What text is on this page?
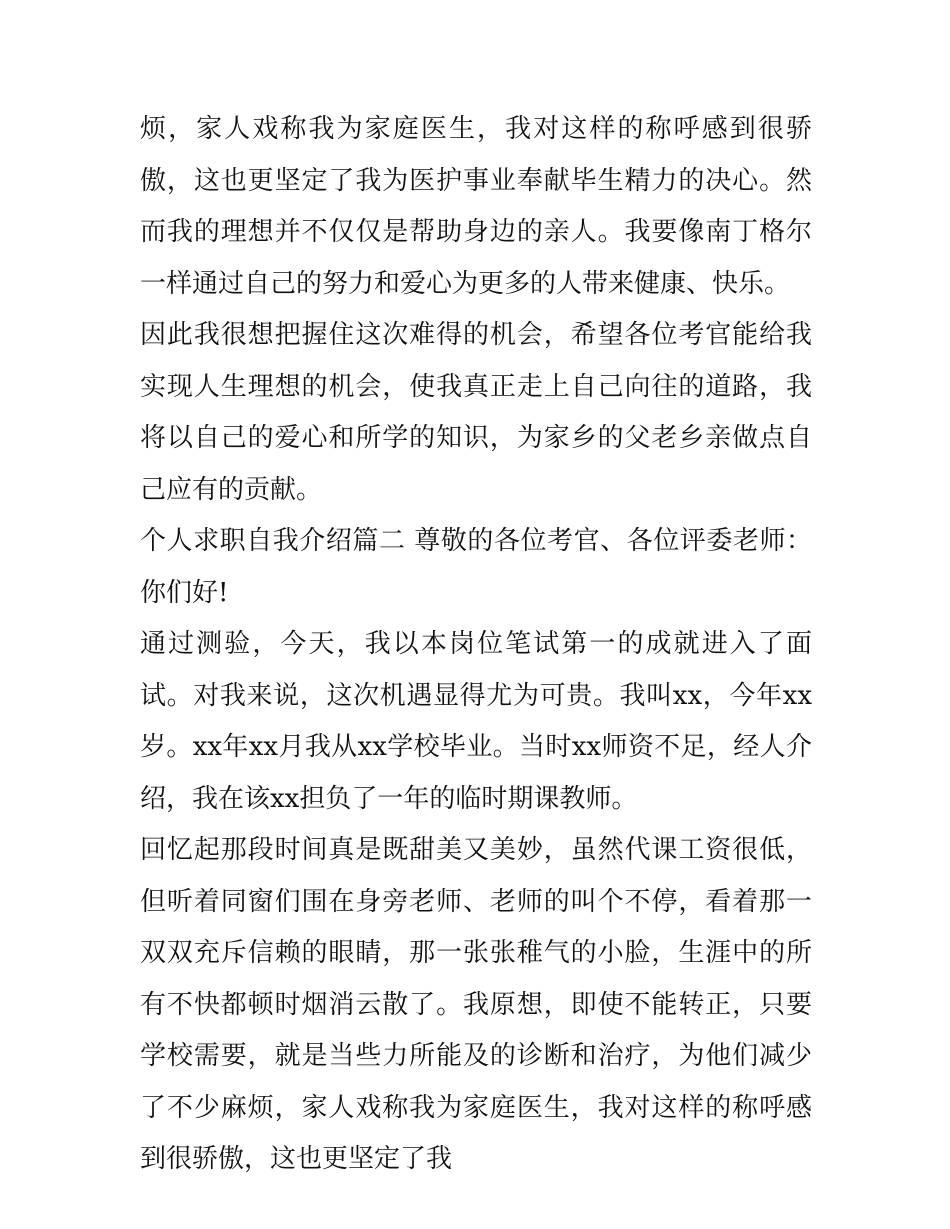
烦，家人戏称我为家庭医生，我对这样的称呼感到很骄傲，这也更坚定了我为医护事业奉献毕生精力的决心。然而我的理想并不仅仅是帮助身边的亲人。我要像南丁格尔一样通过自己的努力和爱心为更多的人带来健康、快乐。

因此我很想把握住这次难得的机会，希望各位考官能给我实现人生理想的机会，使我真正走上自己向往的道路，我将以自己的爱心和所学的知识，为家乡的父老乡亲做点自己应有的贡献。

个人求职自我介绍篇二 尊敬的各位考官、各位评委老师： 你们好!

通过测验，今天，我以本岗位笔试第一的成就进入了面试。对我来说，这次机遇显得尤为可贵。我叫xx，今年xx岁。xx年xx月我从xx学校毕业。当时xx师资不足，经人介绍，我在该xx担负了一年的临时期课教师。

回忆起那段时间真是既甜美又美妙，虽然代课工资很低，但听着同窗们围在身旁老师、老师的叫个不停，看着那一双双充斥信赖的眼睛，那一张张稚气的小脸，生涯中的所有不快都顿时烟消云散了。我原想，即使不能转正，只要学校需要，就是当些力所能及的诊断和治疗，为他们减少了不少麻烦，家人戏称我为家庭医生，我对这样的称呼感到很骄傲，这也更坚定了我
